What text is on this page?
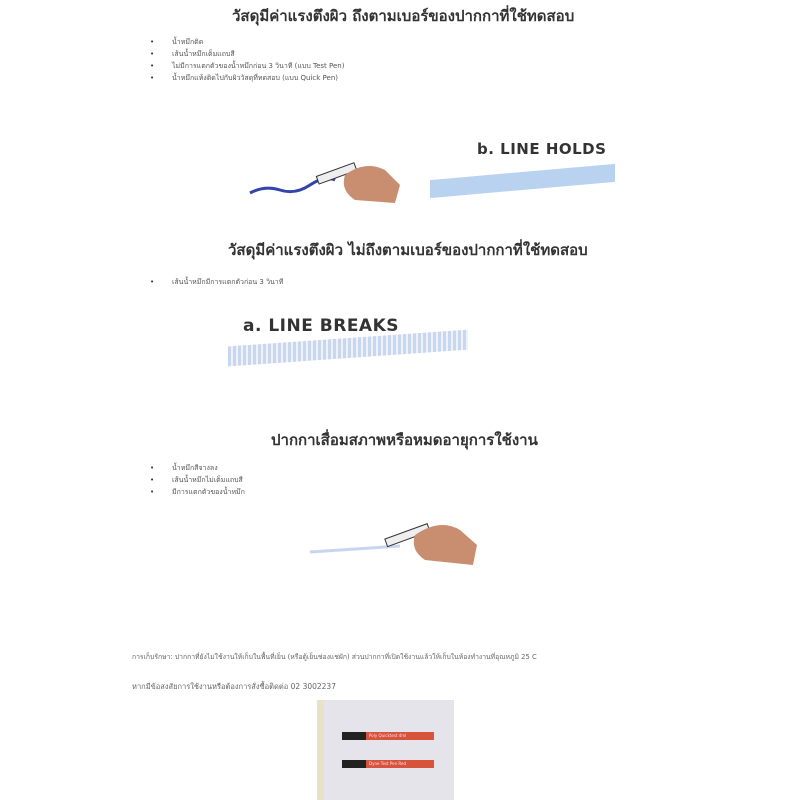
วัสดุมีค่าแรงตึงผิว ถึงตามเบอร์ของปากกาที่ใช้ทดสอบ
• น้ำหมึกติด
• เส้นน้ำหมึกเต็มแถบสี
• ไม่มีการแตกตัวของน้ำหมึกก่อน 3 วินาที (แบบ Test Pen)
• น้ำหมึกแห้งติดไปกับผิววัสดุที่ทดสอบ (แบบ Quick Pen)
b. LINE HOLDS
วัสดุมีค่าแรงตึงผิว ไม่ถึงตามเบอร์ของปากกาที่ใช้ทดสอบ
• เส้นน้ำหมึกมีการแตกตัวก่อน 3 วินาที
a. LINE BREAKS
ปากกาเสื่อมสภาพหรือหมดอายุการใช้งาน
• น้ำหมึกสีจางลง
• เส้นน้ำหมึกไม่เต็มแถบสี
• มีการแตกตัวของน้ำหมึก
การเก็บรักษา: ปากกาที่ยังไม่ใช้งานให้เก็บในพื้นที่เย็น (หรือตู้เย็นช่องแช่ผัก) ส่วนปากกาที่เปิดใช้งานแล้วให้เก็บในห้องทำงานที่อุณหภูมิ 25 C
หากมีข้อสงสัยการใช้งานหรือต้องการสั่งซื้อติดต่อ 02 3002237
Poly Quicktest 4ml
Dyne Test Pen Red
